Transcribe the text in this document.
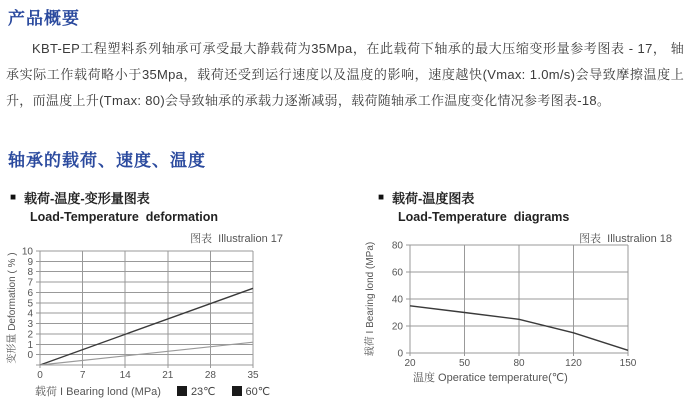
产品概要
KBT-EP工程塑料系列轴承可承受最大静载荷为35Mpa，在此载荷下轴承的最大压缩变形量参考图表 - 17， 轴承实际工作载荷略小于35Mpa，载荷还受到运行速度以及温度的影响，速度越快(Vmax: 1.0m/s)会导致摩擦温度上升，而温度上升(Tmax: 80)会导致轴承的承载力逐渐减弱，载荷随轴承工作温度变化情况参考图表-18。
轴承的载荷、速度、温度
■ 载荷-温度-变形量图表
Load-Temperature  deformation
■ 载荷-温度图表
Load-Temperature  diagrams
图表  Illustralion 17	图表  Illustralion 18
10
9
8
7
6
5
4
3
2
1
0
0	7	14	21	28	35
变形量 Deformation ( % )
载荷 I Bearing lond (MPa)	23℃	60℃
80
60
40
20
0
20	50	80	120	150
载荷 I Bearing lond (MPa)
温度 Operatice temperature(℃)
